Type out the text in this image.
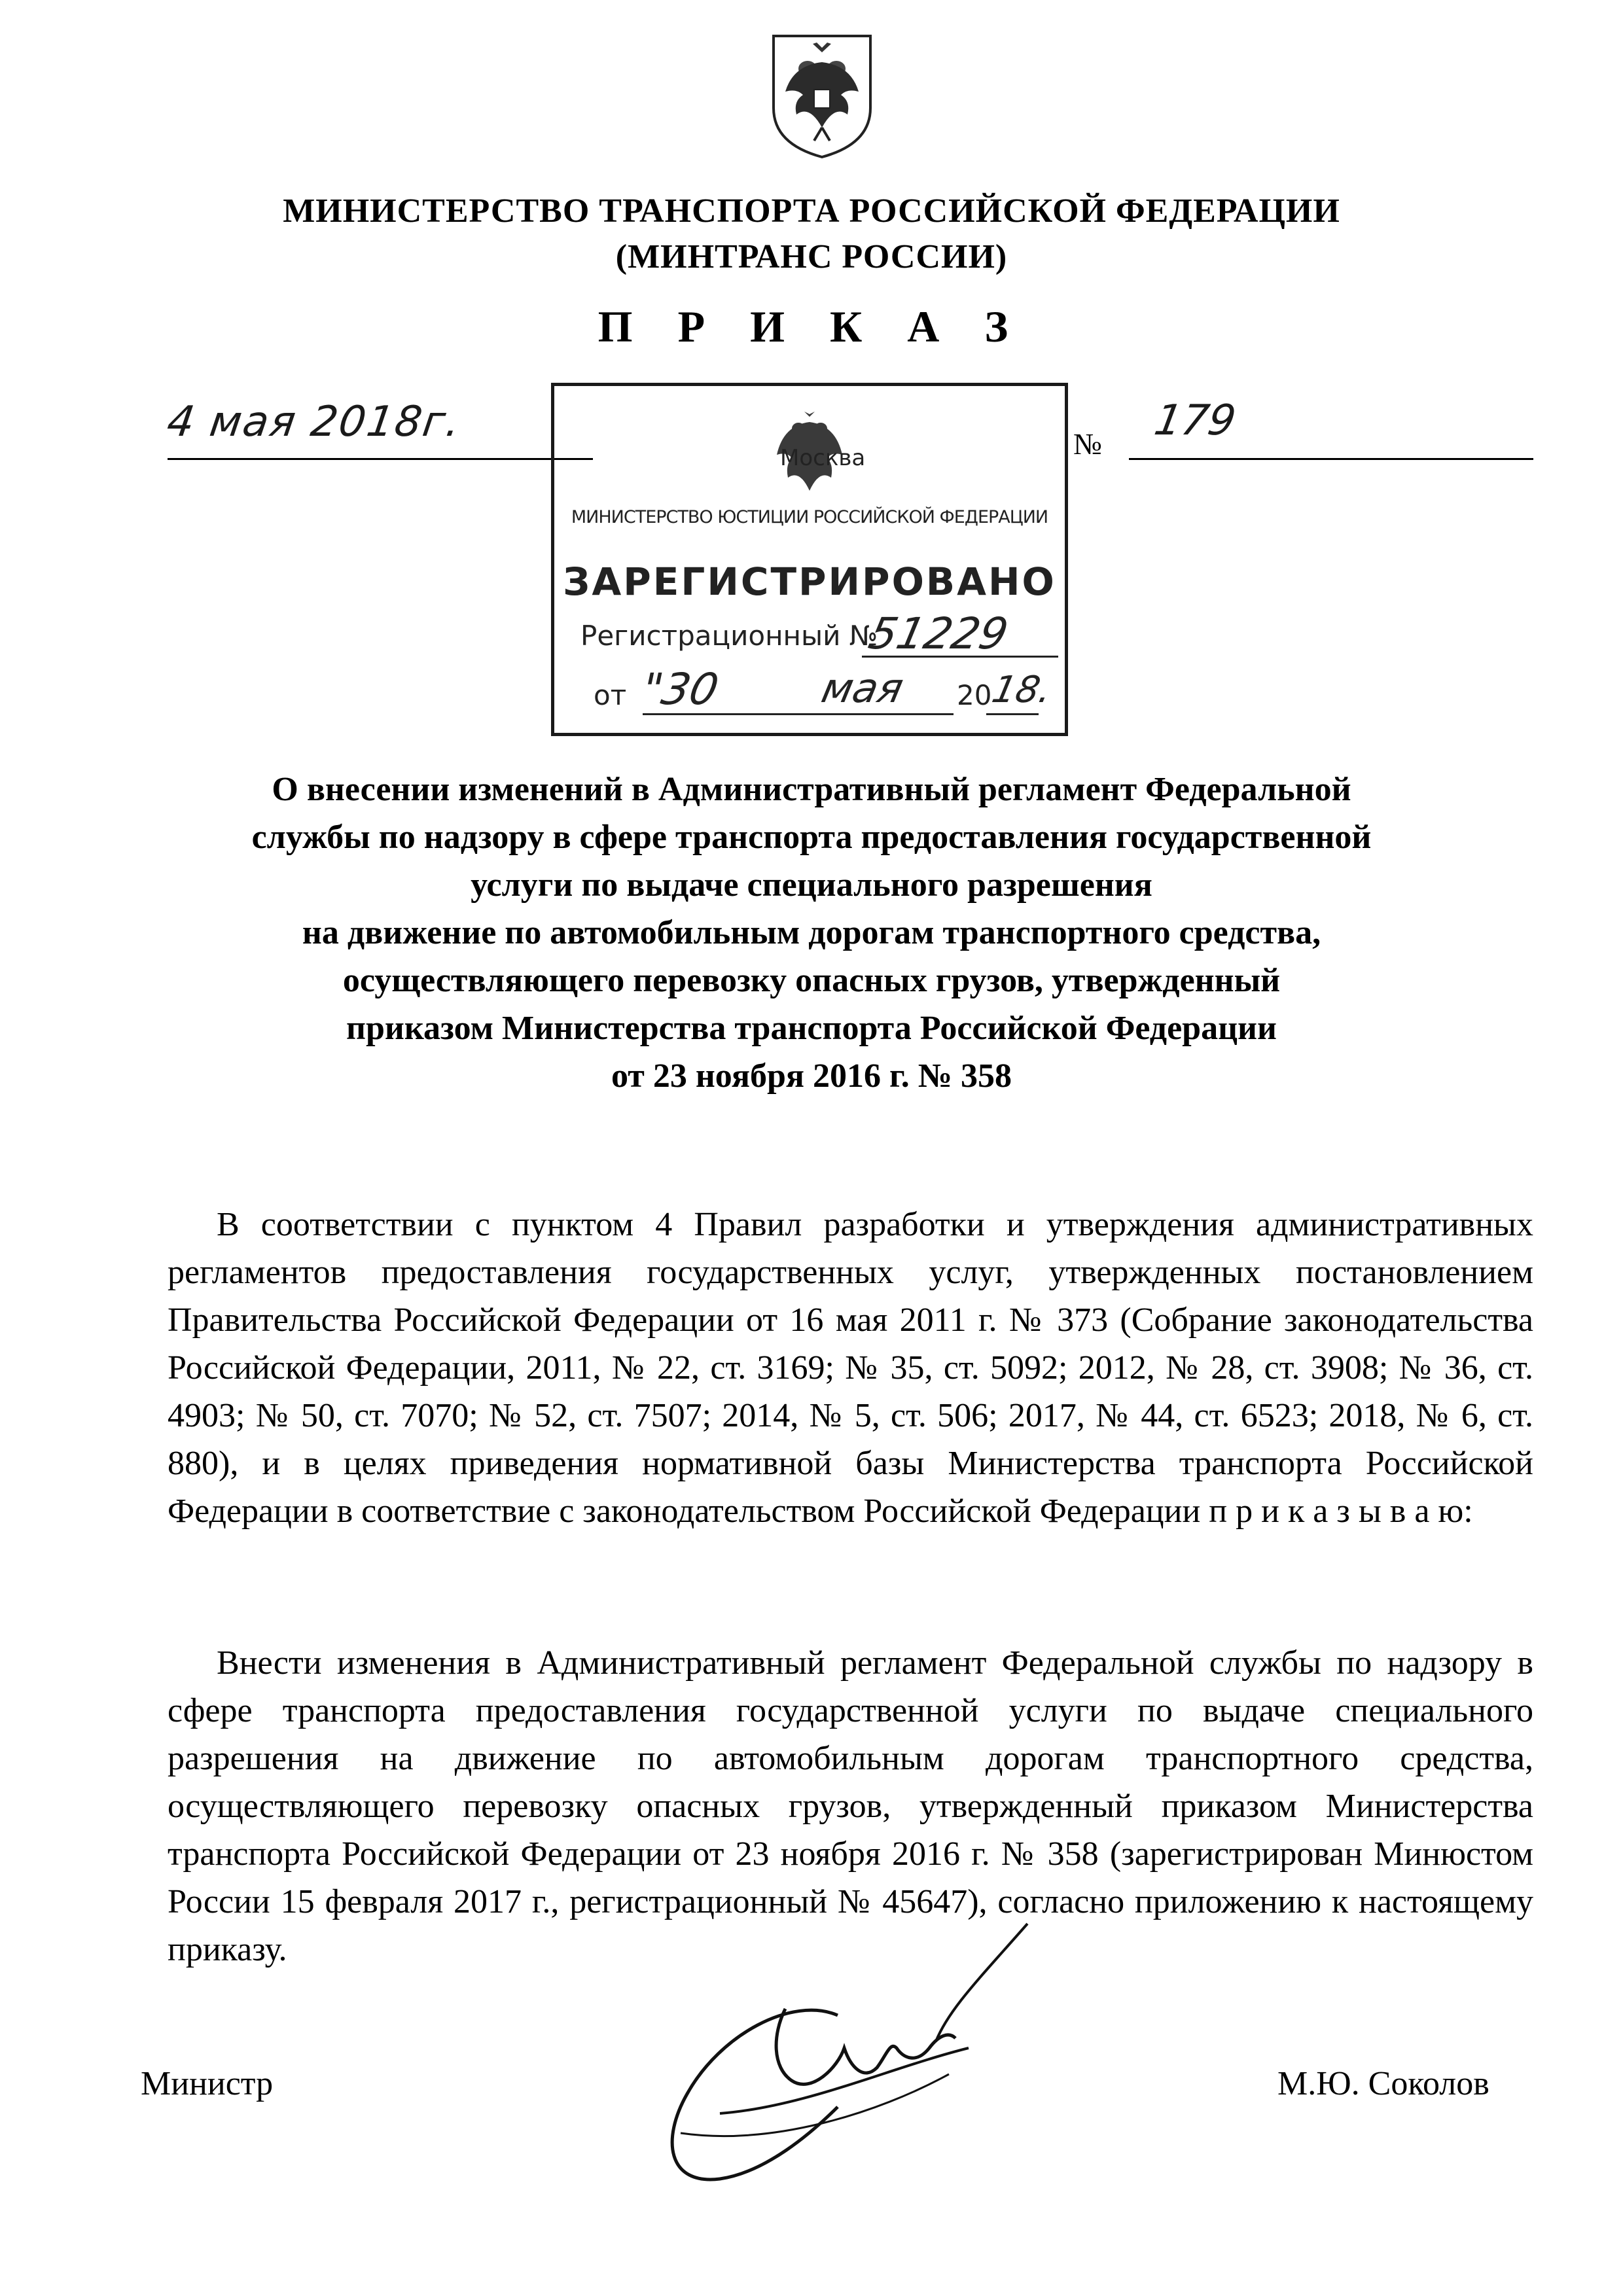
МИНИСТЕРСТВО ТРАНСПОРТА РОССИЙСКОЙ ФЕДЕРАЦИИ
(МИНТРАНС РОССИИ)
П Р И К А З
4 мая 2018г.	№ 179
Москва
МИНИСТЕРСТВО ЮСТИЦИИ РОССИЙСКОЙ ФЕДЕРАЦИИ
ЗАРЕГИСТРИРОВАНО
Регистрационный №
51229
от "30 мая 20
18.
О внесении изменений в Административный регламент Федеральной
службы по надзору в сфере транспорта предоставления государственной
услуги по выдаче специального разрешения
на движение по автомобильным дорогам транспортного средства,
осуществляющего перевозку опасных грузов, утвержденный
приказом Министерства транспорта Российской Федерации
от 23 ноября 2016 г. № 358

В соответствии с пунктом 4 Правил разработки и утверждения административных регламентов предоставления государственных услуг, утвержденных постановлением Правительства Российской Федерации от 16 мая 2011 г. № 373 (Собрание законодательства Российской Федерации, 2011, № 22, ст. 3169; № 35, ст. 5092; 2012, № 28, ст. 3908; № 36, ст. 4903; № 50, ст. 7070; № 52, ст. 7507; 2014, № 5, ст. 506; 2017, № 44, ст. 6523; 2018, № 6, ст. 880), и в целях приведения нормативной базы Министерства транспорта Российской Федерации в соответствие с законодательством Российской Федерации п р и к а з ы в а ю:

Внести изменения в Административный регламент Федеральной службы по надзору в сфере транспорта предоставления государственной услуги по выдаче специального разрешения на движение по автомобильным дорогам транспортного средства, осуществляющего перевозку опасных грузов, утвержденный приказом Министерства транспорта Российской Федерации от 23 ноября 2016 г. № 358 (зарегистрирован Минюстом России 15 февраля 2017 г., регистрационный № 45647), согласно приложению к настоящему приказу.

Министр	М.Ю. Соколов
